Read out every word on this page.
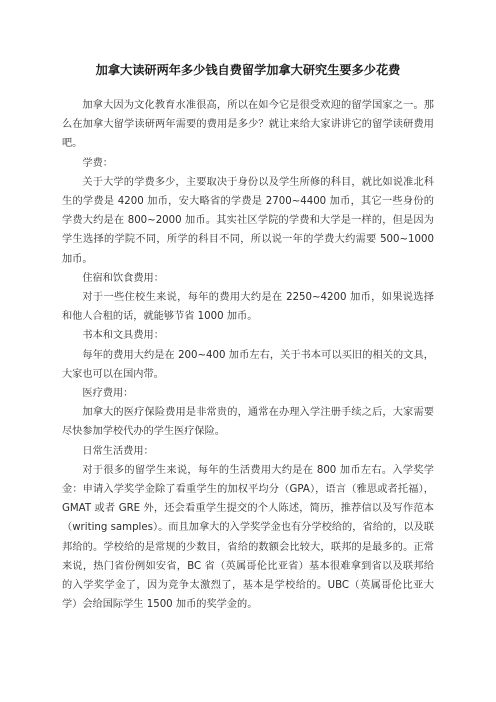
加拿大读研两年多少钱自费留学加拿大研究生要多少花费

加拿大因为文化教育水准很高，所以在如今它是很受欢迎的留学国家之一。那么在加拿大留学读研两年需要的费用是多少？就让来给大家讲讲它的留学读研费用吧。

学费：

关于大学的学费多少，主要取决于身份以及学生所修的科目，就比如说准北科生的学费是 4200 加币，安大略省的学费是 2700~4400 加币，其它一些身份的学费大约是在 800~2000 加币。其实社区学院的学费和大学是一样的，但是因为学生选择的学院不同，所学的科目不同，所以说一年的学费大约需要 500~1000 加币。

住宿和饮食费用：

对于一些住校生来说，每年的费用大约是在 2250~4200 加币，如果说选择和他人合租的话，就能够节省 1000 加币。

书本和文具费用：

每年的费用大约是在 200~400 加币左右，关于书本可以买旧的相关的文具，大家也可以在国内带。

医疗费用：

加拿大的医疗保险费用是非常贵的，通常在办理入学注册手续之后，大家需要尽快参加学校代办的学生医疗保险。

日常生活费用：

对于很多的留学生来说，每年的生活费用大约是在 800 加币左右。入学奖学金：申请入学奖学金除了看重学生的加权平均分（GPA），语言（雅思或者托福），GMAT 或者 GRE 外，还会看重学生提交的个人陈述，简历，推荐信以及写作范本（writing samples）。而且加拿大的入学奖学金也有分学校给的，省给的，以及联邦给的。学校给的是常规的少数目，省给的数额会比较大，联邦的是最多的。正常来说，热门省份例如安省，BC 省（英属哥伦比亚省）基本很难拿到省以及联邦给的入学奖学金了，因为竞争太激烈了，基本是学校给的。UBC（英属哥伦比亚大学）会给国际学生 1500 加币的奖学金的。
